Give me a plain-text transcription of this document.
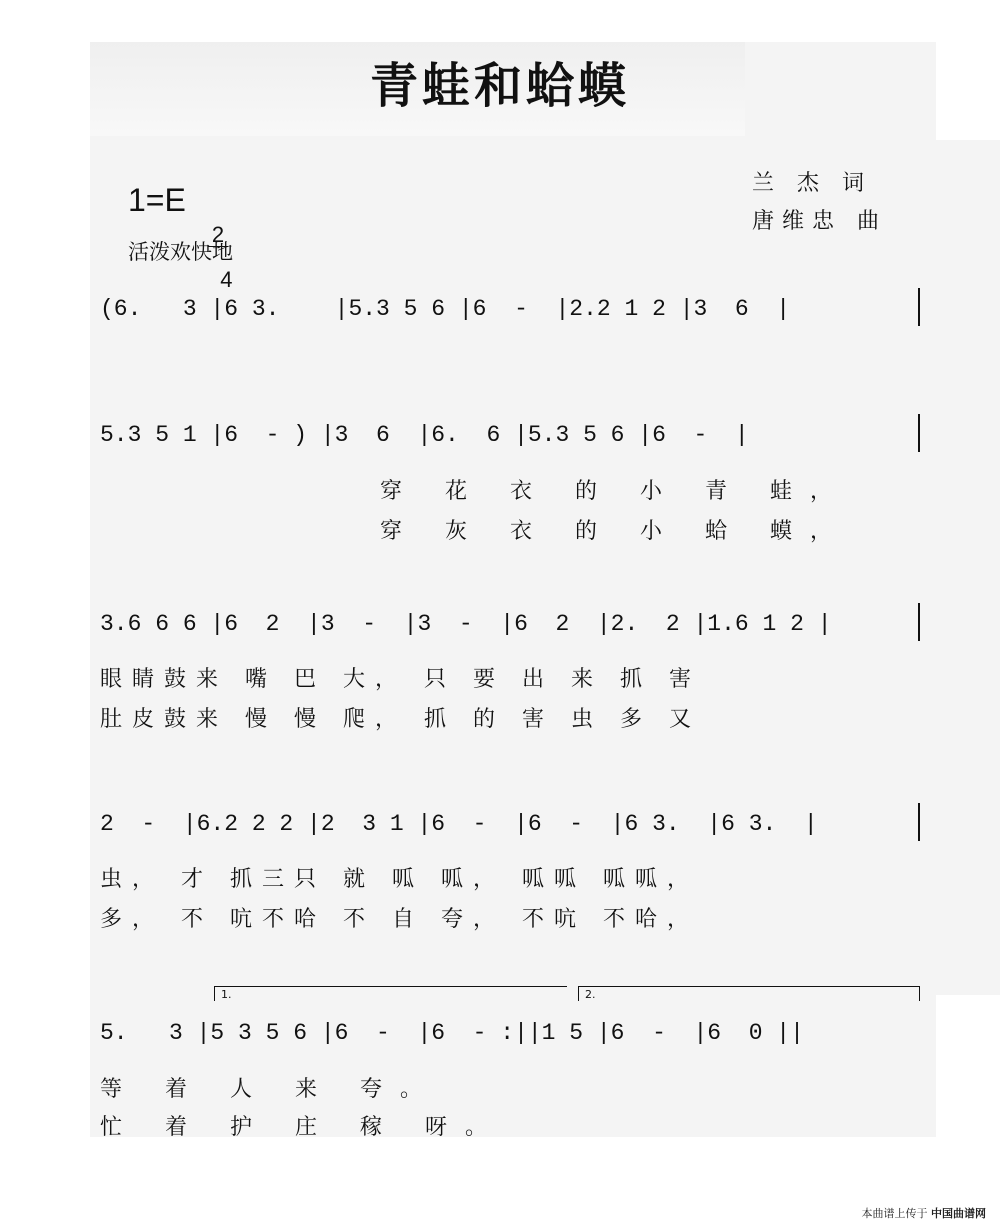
青蛙和蛤蟆
1=E

2

4

活泼欢快地
兰 杰 词
唐维忠 曲
(6.   3 |6 3.    |5.3 5 6 |6  -  |2.2 1 2 |3  6  |
5.3 5 1 |6  - ) |3  6  |6.  6 |5.3 5 6 |6  -  |
穿 花 衣 的 小 青 蛙，
穿 灰 衣 的 小 蛤 蟆，
3.6 6 6 |6  2  |3  -  |3  -  |6  2  |2.  2 |1.6 1 2 |
眼睛鼓来 嘴 巴 大， 只 要 出 来 抓 害
肚皮鼓来 慢 慢 爬， 抓 的 害 虫 多 又
2  -  |6.2 2 2 |2  3 1 |6  -  |6  -  |6 3.  |6 3.  |
虫， 才 抓三只 就 呱 呱， 呱呱 呱呱，
多， 不 吭不哈 不 自 夸， 不吭 不哈，

1.

	2.

5.   3 |5 3 5 6 |6  -  |6  - :||1 5 |6  -  |6  0 ||
等 着 人 来 夸。
忙 着 护 庄 稼 呀。
本曲谱上传于 中国曲谱网
